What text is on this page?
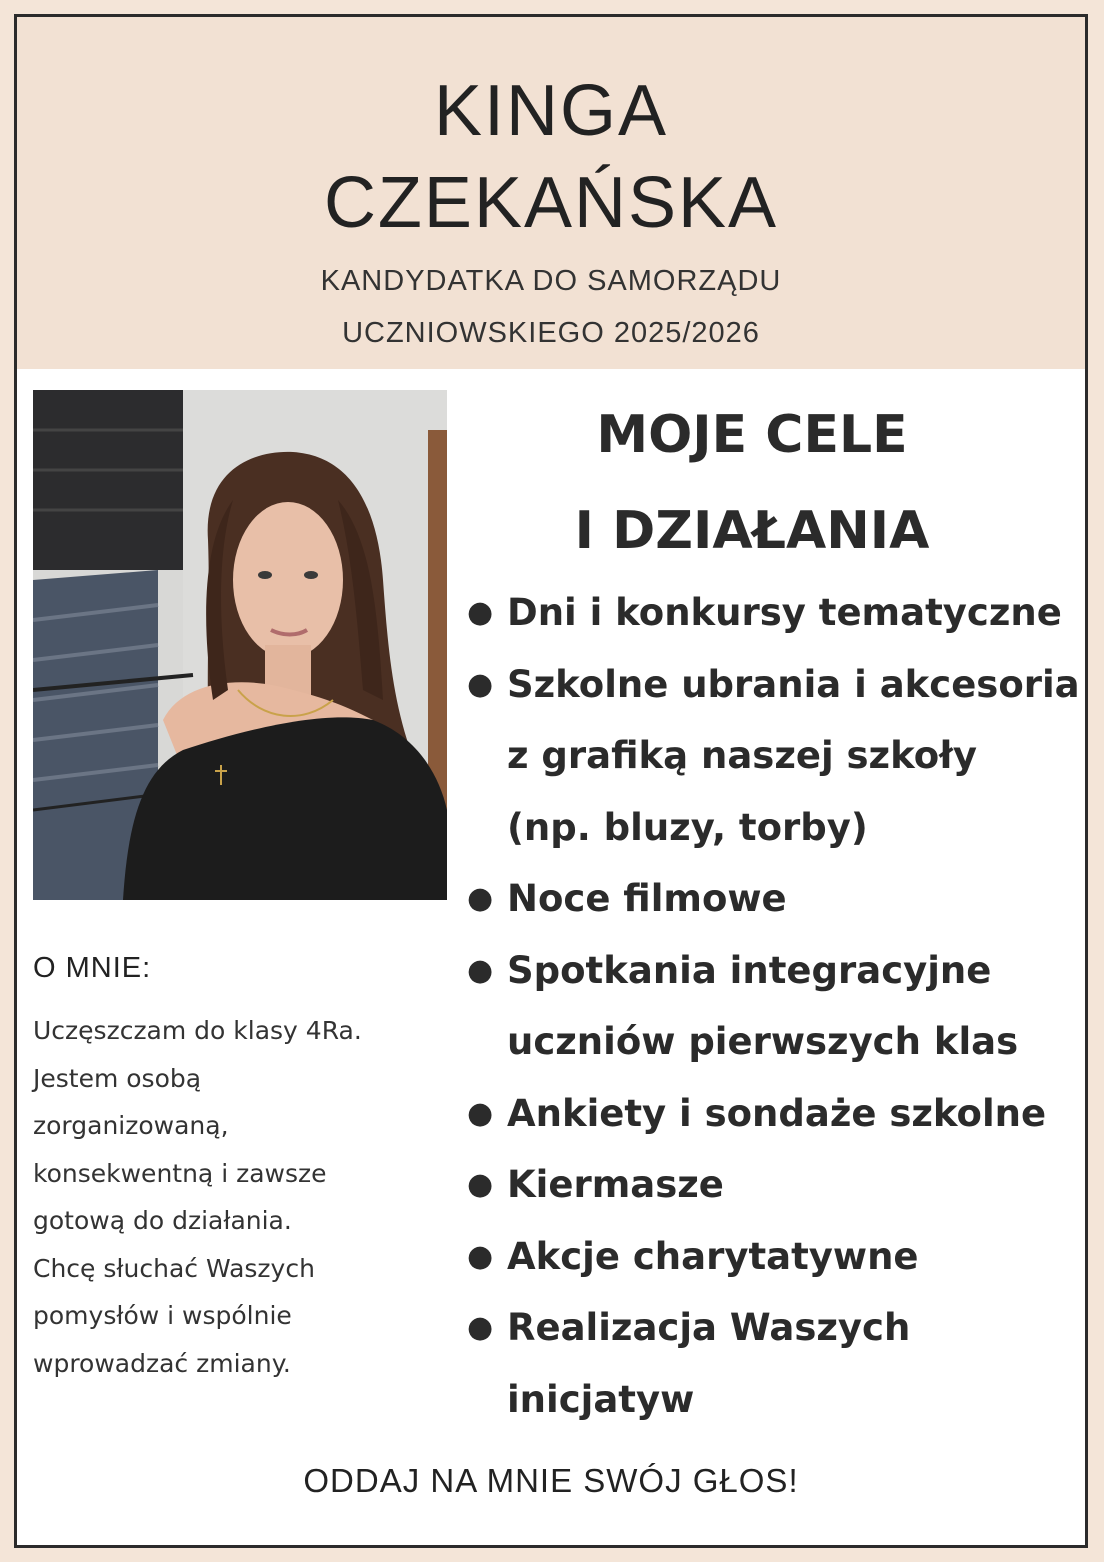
KINGA
CZEKAŃSKA
KANDYDATKA DO SAMORZĄDU
UCZNIOWSKIEGO 2025/2026
O MNIE:
Uczęszczam do klasy 4Ra.
Jestem osobą
zorganizowaną,
konsekwentną i zawsze
gotową do działania.
Chcę słuchać Waszych
pomysłów i wspólnie
wprowadzać zmiany.
MOJE CELE
I DZIAŁANIA
● Dni i konkursy tematyczne
● Szkolne ubrania i akcesoria
z grafiką naszej szkoły
(np. bluzy, torby)
● Noce filmowe
● Spotkania integracyjne
uczniów pierwszych klas
● Ankiety i sondaże szkolne
● Kiermasze
● Akcje charytatywne
● Realizacja Waszych
inicjatyw
ODDAJ NA MNIE SWÓJ GŁOS!
